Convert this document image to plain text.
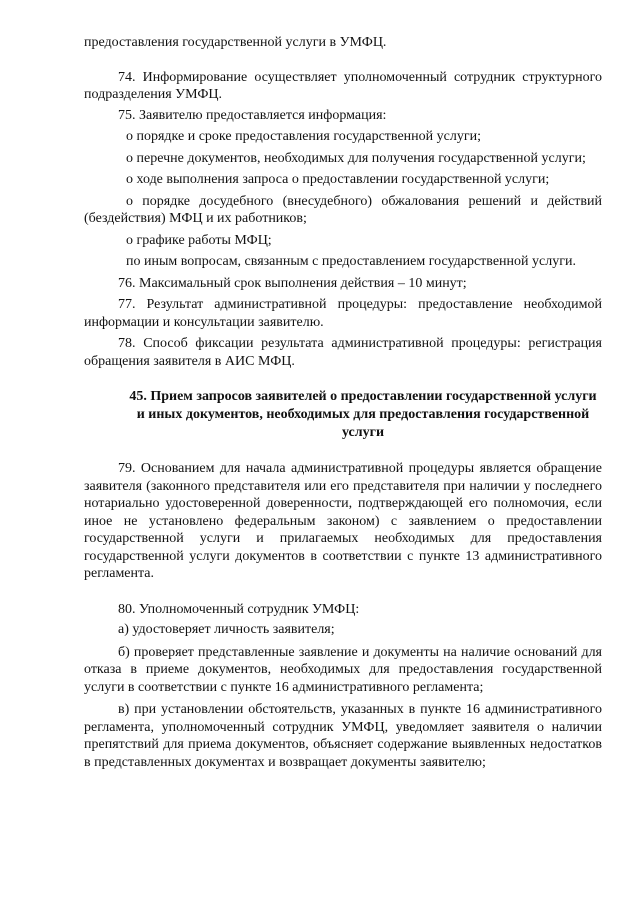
предоставления государственной услуги в УМФЦ.

74. Информирование осуществляет уполномоченный сотрудник структурного подразделения УМФЦ.

75. Заявителю предоставляется информация:

о порядке и сроке предоставления государственной услуги;

о перечне документов, необходимых для получения государственной услуги;

о ходе выполнения запроса о предоставлении государственной услуги;

о порядке досудебного (внесудебного) обжалования решений и действий (бездействия) МФЦ и их работников;

о графике работы МФЦ;

по иным вопросам, связанным с предоставлением государственной услуги.

76. Максимальный срок выполнения действия – 10 минут;

77. Результат административной процедуры: предоставление необходимой информации и консультации заявителю.

78. Способ фиксации результата административной процедуры: регистрация обращения заявителя в АИС МФЦ.

45. Прием запросов заявителей о предоставлении государственной услуги и иных документов, необходимых для предоставления государственной услуги

79. Основанием для начала административной процедуры является обращение заявителя (законного представителя или его представителя при наличии у последнего нотариально удостоверенной доверенности, подтверждающей его полномочия, если иное не установлено федеральным законом) с заявлением о предоставлении государственной услуги и прилагаемых необходимых для предоставления государственной услуги документов в соответствии с пункте 13 административного регламента.

80. Уполномоченный сотрудник УМФЦ:

а) удостоверяет личность заявителя;

б) проверяет представленные заявление и документы на наличие оснований для отказа в приеме документов, необходимых для предоставления государственной услуги в соответствии с пункте 16 административного регламента;

в) при установлении обстоятельств, указанных в пункте 16 административного регламента, уполномоченный сотрудник УМФЦ, уведомляет заявителя о наличии препятствий для приема документов, объясняет содержание выявленных недостатков в представленных документах и возвращает документы заявителю;
